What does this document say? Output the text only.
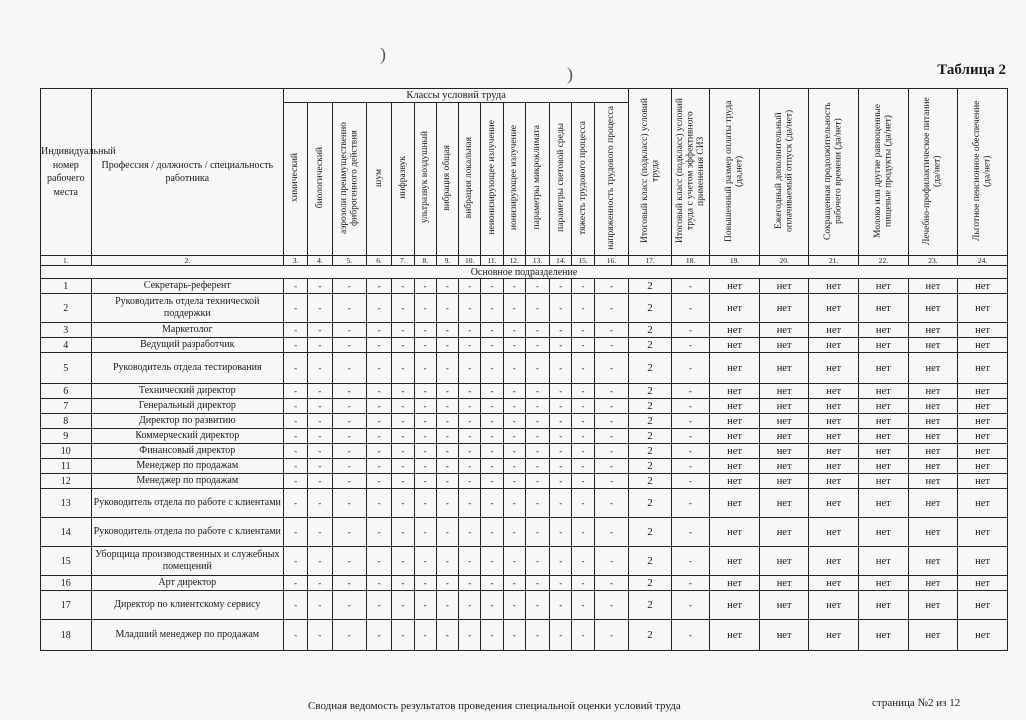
)
)	Таблица 2
Индивидуальный номер рабочего места	Профессия / должность / специальность работника	Классы условий труда														Итоговый класс (подкласс) условий труда	Итоговый класс (подкласс) условий труда с учетом эффективного применения СИЗ	Повышенный размер оплаты труда (да,нет)	Ежегодный дополнительный оплачиваемый отпуск (да/нет)	Сокращенная продолжительность рабочего времени (да/нет)	Молоко или другие равноценные пищевые продукты (да/нет)	Лечебно-профилактическое питание (да/нет)	Льготное пенсионное обеспечение (да/нет)
		химический	биологический	аэрозоли преимущественно фиброгенного действия	шум	инфразвук	ультразвук воздушный	вибрация общая	вибрация локальная	неионизирующее излучение	ионизирующее излучение	параметры микроклимата	параметры световой среды	тяжесть трудового процесса	напряженность трудового процесса								
1.	2.	3.	4.	5.	6.	7.	8.	9.	10.	11.	12.	13.	14.	15.	16.	17.	18.	19.	20.	21.	22.	23.	24.
Основное подразделение																							
1	Секретарь-референт	-	-	-	-	-	-	-	-	-	-	-	-	-	-	2	-	нет	нет	нет	нет	нет	нет
2	Руководитель отдела технической поддержки	-	-	-	-	-	-	-	-	-	-	-	-	-	-	2	-	нет	нет	нет	нет	нет	нет
3	Маркетолог	-	-	-	-	-	-	-	-	-	-	-	-	-	-	2	-	нет	нет	нет	нет	нет	нет
4	Ведущий разработчик	-	-	-	-	-	-	-	-	-	-	-	-	-	-	2	-	нет	нет	нет	нет	нет	нет
5	Руководитель отдела тестирования	-	-	-	-	-	-	-	-	-	-	-	-	-	-	2	-	нет	нет	нет	нет	нет	нет
6	Технический директор	-	-	-	-	-	-	-	-	-	-	-	-	-	-	2	-	нет	нет	нет	нет	нет	нет
7	Генеральный директор	-	-	-	-	-	-	-	-	-	-	-	-	-	-	2	-	нет	нет	нет	нет	нет	нет
8	Директор по развитию	-	-	-	-	-	-	-	-	-	-	-	-	-	-	2	-	нет	нет	нет	нет	нет	нет
9	Коммерческий директор	-	-	-	-	-	-	-	-	-	-	-	-	-	-	2	-	нет	нет	нет	нет	нет	нет
10	Финансовый директор	-	-	-	-	-	-	-	-	-	-	-	-	-	-	2	-	нет	нет	нет	нет	нет	нет
11	Менеджер по продажам	-	-	-	-	-	-	-	-	-	-	-	-	-	-	2	-	нет	нет	нет	нет	нет	нет
12	Менеджер по продажам	-	-	-	-	-	-	-	-	-	-	-	-	-	-	2	-	нет	нет	нет	нет	нет	нет
13	Руководитель отдела по работе с клиентами	-	-	-	-	-	-	-	-	-	-	-	-	-	-	2	-	нет	нет	нет	нет	нет	нет
14	Руководитель отдела по работе с клиентами	-	-	-	-	-	-	-	-	-	-	-	-	-	-	2	-	нет	нет	нет	нет	нет	нет
15	Уборщица производственных и служебных помещений	-	-	-	-	-	-	-	-	-	-	-	-	-	-	2	-	нет	нет	нет	нет	нет	нет
16	Арт директор	-	-	-	-	-	-	-	-	-	-	-	-	-	-	2	-	нет	нет	нет	нет	нет	нет
17	Директор по клиентскому сервису	-	-	-	-	-	-	-	-	-	-	-	-	-	-	2	-	нет	нет	нет	нет	нет	нет
18	Младший менеджер по продажам	-	-	-	-	-	-	-	-	-	-	-	-	-	-	2	-	нет	нет	нет	нет	нет	нет
Сводная ведомость результатов проведения специальной оценки условий труда	страница №2 из 12
